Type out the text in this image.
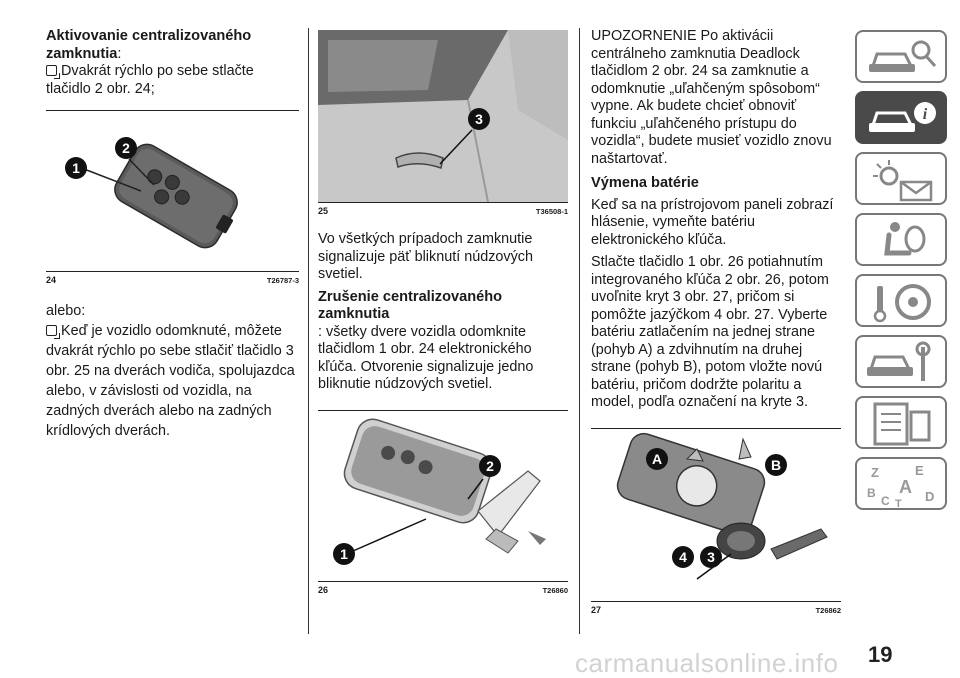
Aktivovanie centralizovaného zamknutia:
Dvakrát rýchlo po sebe stlačte tlačidlo 2 obr. 24;
1
2
24	T26787-3
alebo:
Keď je vozidlo odomknuté, môžete dvakrát rýchlo po sebe stlačiť tlačidlo 3 obr. 25 na dverách vodiča, spolujazdca alebo, v závislosti od vozidla, na zadných dverách alebo na zadných krídlových dverách.
3
25	T36508-1
Vo všetkých prípadoch zamknutie signalizuje päť bliknutí núdzových svetiel.
Zrušenie centralizovaného zamknutia
: všetky dvere vozidla odomknite tlačidlom 1 obr. 24 elektronického kľúča. Otvorenie signalizuje jedno bliknutie núdzových svetiel.
2
1
26	T26860
UPOZORNENIE Po aktivácii centrálneho zamknutia Deadlock tlačidlom 2 obr. 24 sa zamknutie a odomknutie „uľahčeným spôsobom“ vypne. Ak budete chcieť obnoviť funkciu „uľahčeného prístupu do vozidla“, budete musieť vozidlo znovu naštartovať.
Výmena batérie
Keď sa na prístrojovom paneli zobrazí hlásenie, vymeňte batériu elektronického kľúča.
Stlačte tlačidlo 1 obr. 26 potiahnutím integrovaného kľúča 2 obr. 26, potom uvoľnite kryt 3 obr. 27, pričom si pomôžte jazýčkom 4 obr. 27. Vyberte batériu zatlačením na jednej strane (pohyb A) a zdvihnutím na druhej strane (pohyb B), potom vložte novú batériu, pričom dodržte polaritu a model, podľa označení na kryte 3.
A	B
4 3
27	T26862
i
Z	E
B A
C	D
T
carmanualsonline.info 19
